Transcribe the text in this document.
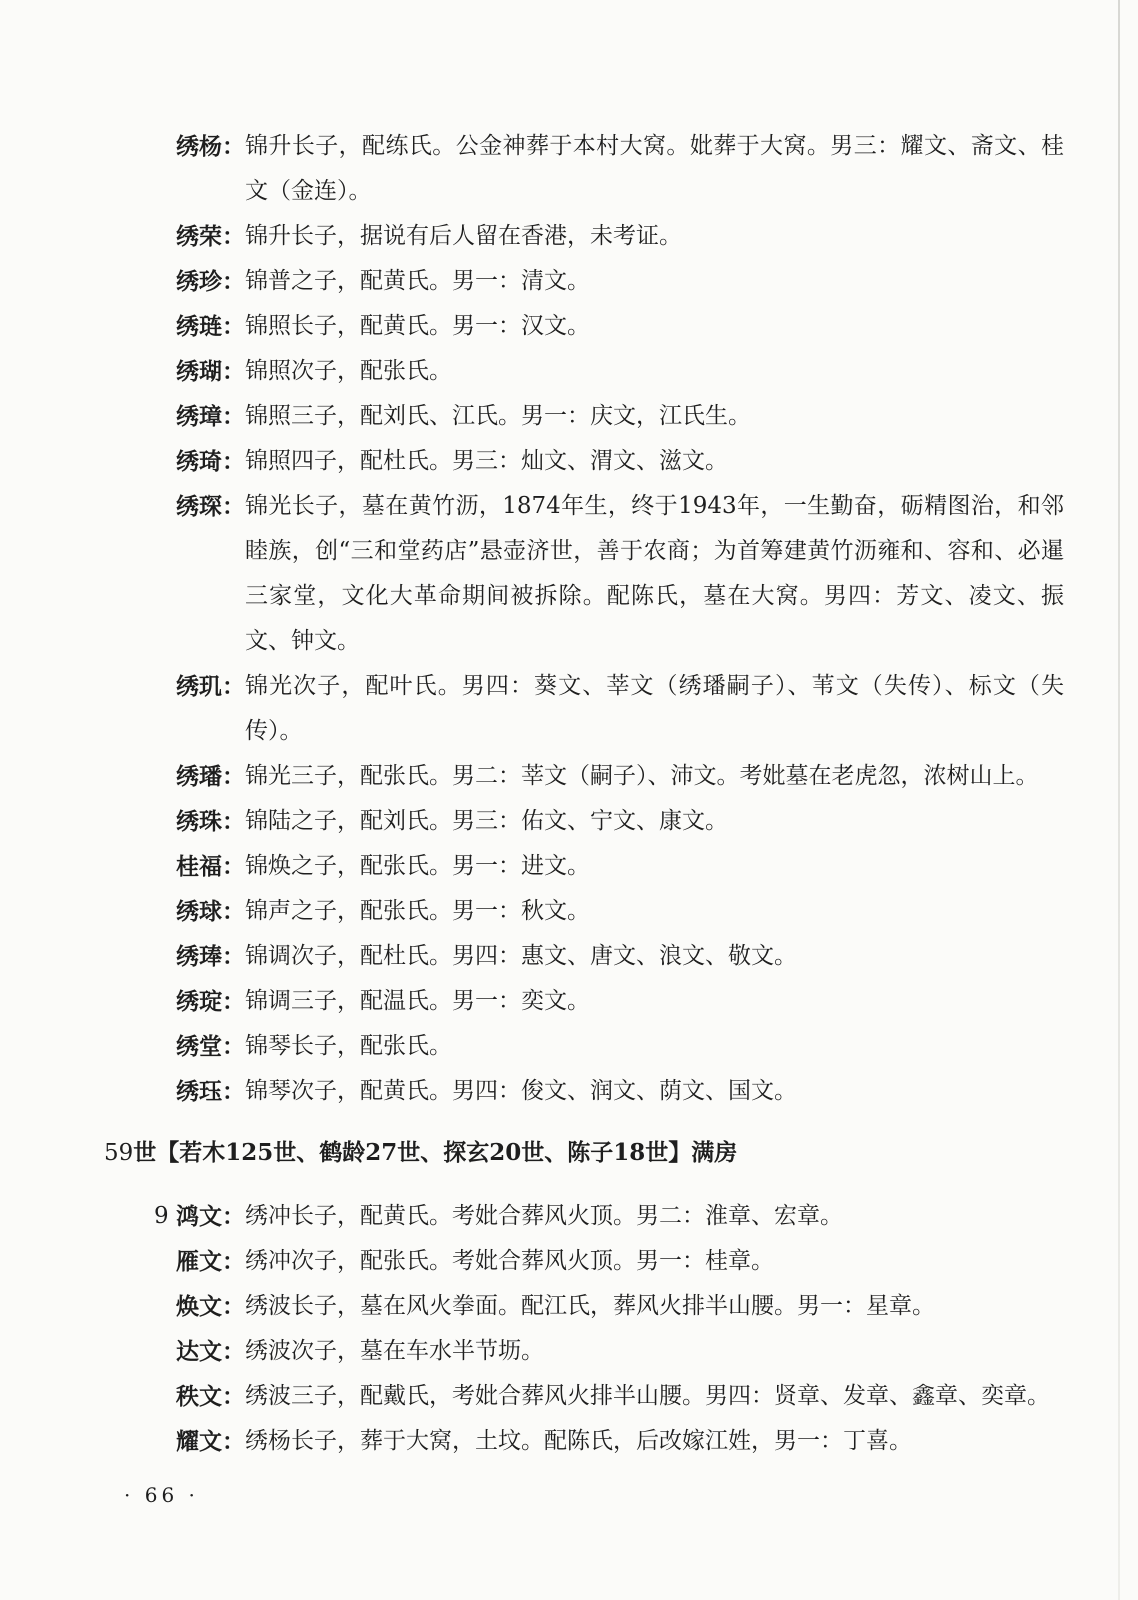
绣杨 ： 锦升长子，配练氏。公金神葬于本村大窝。妣葬于大窝。男三：耀文、斋文、桂文（金连）。
绣荣 ： 锦升长子，据说有后人留在香港，未考证。
绣珍 ： 锦普之子，配黄氏。男一：清文。
绣琏 ： 锦照长子，配黄氏。男一：汉文。
绣瑚 ： 锦照次子，配张氏。
绣璋 ： 锦照三子，配刘氏、江氏。男一：庆文，江氏生。
绣琦 ： 锦照四子，配杜氏。男三：灿文、渭文、滋文。
绣琛 ： 锦光长子，墓在黄竹沥，1874年生，终于1943年，一生勤奋，砺精图治，和邻睦族，创“三和堂药店”悬壶济世，善于农商；为首筹建黄竹沥雍和、容和、必暹三家堂，文化大革命期间被拆除。配陈氏，墓在大窝。男四：芳文、凌文、振文、钟文。
绣玑 ： 锦光次子，配叶氏。男四：葵文、莘文（绣璠嗣子）、苇文（失传）、标文（失传）。
绣璠 ： 锦光三子，配张氏。男二：莘文（嗣子）、沛文。考妣墓在老虎忽，浓树山上。
绣珠 ： 锦陆之子，配刘氏。男三：佑文、宁文、康文。
桂福 ： 锦焕之子，配张氏。男一：进文。
绣球 ： 锦声之子，配张氏。男一：秋文。
绣琫 ： 锦调次子，配杜氏。男四：惠文、唐文、浪文、敬文。
绣琔 ： 锦调三子，配温氏。男一：奕文。
绣堂 ： 锦琴长子，配张氏。
绣珏 ： 锦琴次子，配黄氏。男四：俊文、润文、荫文、国文。
59世【若木125世、鹤龄27世、探玄20世、陈子18世】满房
9 鸿文 ： 绣冲长子，配黄氏。考妣合葬风火顶。男二：淮章、宏章。
雁文 ： 绣冲次子，配张氏。考妣合葬风火顶。男一：桂章。
焕文 ： 绣波长子，墓在风火拳面。配江氏，葬风火排半山腰。男一：星章。
达文 ： 绣波次子，墓在车水半节坜。
秩文 ： 绣波三子，配戴氏，考妣合葬风火排半山腰。男四：贤章、发章、鑫章、奕章。
耀文 ： 绣杨长子，葬于大窝，土坟。配陈氏，后改嫁江姓，男一：丁喜。
· 66 ·
